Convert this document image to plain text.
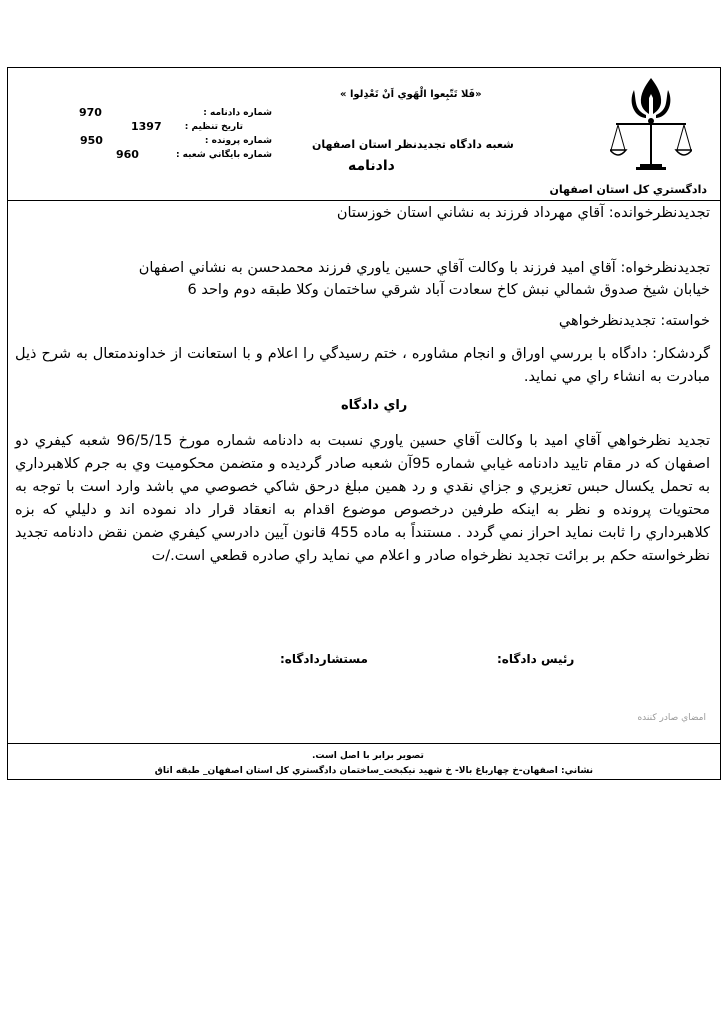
دادگستري كل استان اصفهان
«فَلا تَتّبِعوا الْهَوي اَنْ تَعْدِلوا »
شعبه دادگاه تجديدنظر استان اصفهان
دادنامه
شماره دادنامه :
970
تاريخ تنظيم :
1397
شماره پرونده :
950
شماره بايگاني شعبه :
960
تجديدنظرخوانده: آقاي مهرداد فرزند به نشاني استان خوزستان
تجديدنظرخواه: آقاي اميد فرزند با وكالت آقاي حسين ياوري فرزند محمدحسن به نشاني اصفهان
خيابان شيخ صدوق شمالي نبش كاخ سعادت آباد شرقي ساختمان وكلا طبقه دوم واحد 6
خواسته: تجديدنظرخواهي
گردشكار: دادگاه با بررسي اوراق و انجام مشاوره ، ختم رسيدگي را اعلام و با استعانت از خداوندمتعال به شرح ذيل مبادرت به انشاء راي مي نمايد.
راي دادگاه
تجديد نظرخواهي آقاي اميد با وكالت آقاي حسين ياوري نسبت به دادنامه شماره مورخ 96/5/15 شعبه كيفري دو اصفهان كه در مقام تاييد دادنامه غيابي شماره 95آن شعبه صادر گرديده و متضمن محكوميت وي به جرم كلاهبرداري به تحمل يكسال حبس تعزيري و جزاي نقدي و رد همين مبلغ درحق شاكي خصوصي مي باشد وارد است با توجه به محتويات پرونده و نظر به اينكه طرفين درخصوص موضوع اقدام به انعقاد قرار داد نموده اند و دليلي كه بزه كلاهبرداري را ثابت نمايد احراز نمي گردد . مستنداً به ماده 455 قانون آيين دادرسي كيفري ضمن نقض دادنامه تجديد نظرخواسته حكم بر برائت تجديد نظرخواه صادر و اعلام مي نمايد راي صادره قطعي است./ت
رئيس دادگاه:
مستشاردادگاه:
امضاي صادر كننده
تصوير برابر با اصل است.
نشاني: اصفهان-خ چهارباغ بالا- خ شهيد نيكبخت_ساختمان دادگستري كل استان اصفهان_ طبقه اتاق
